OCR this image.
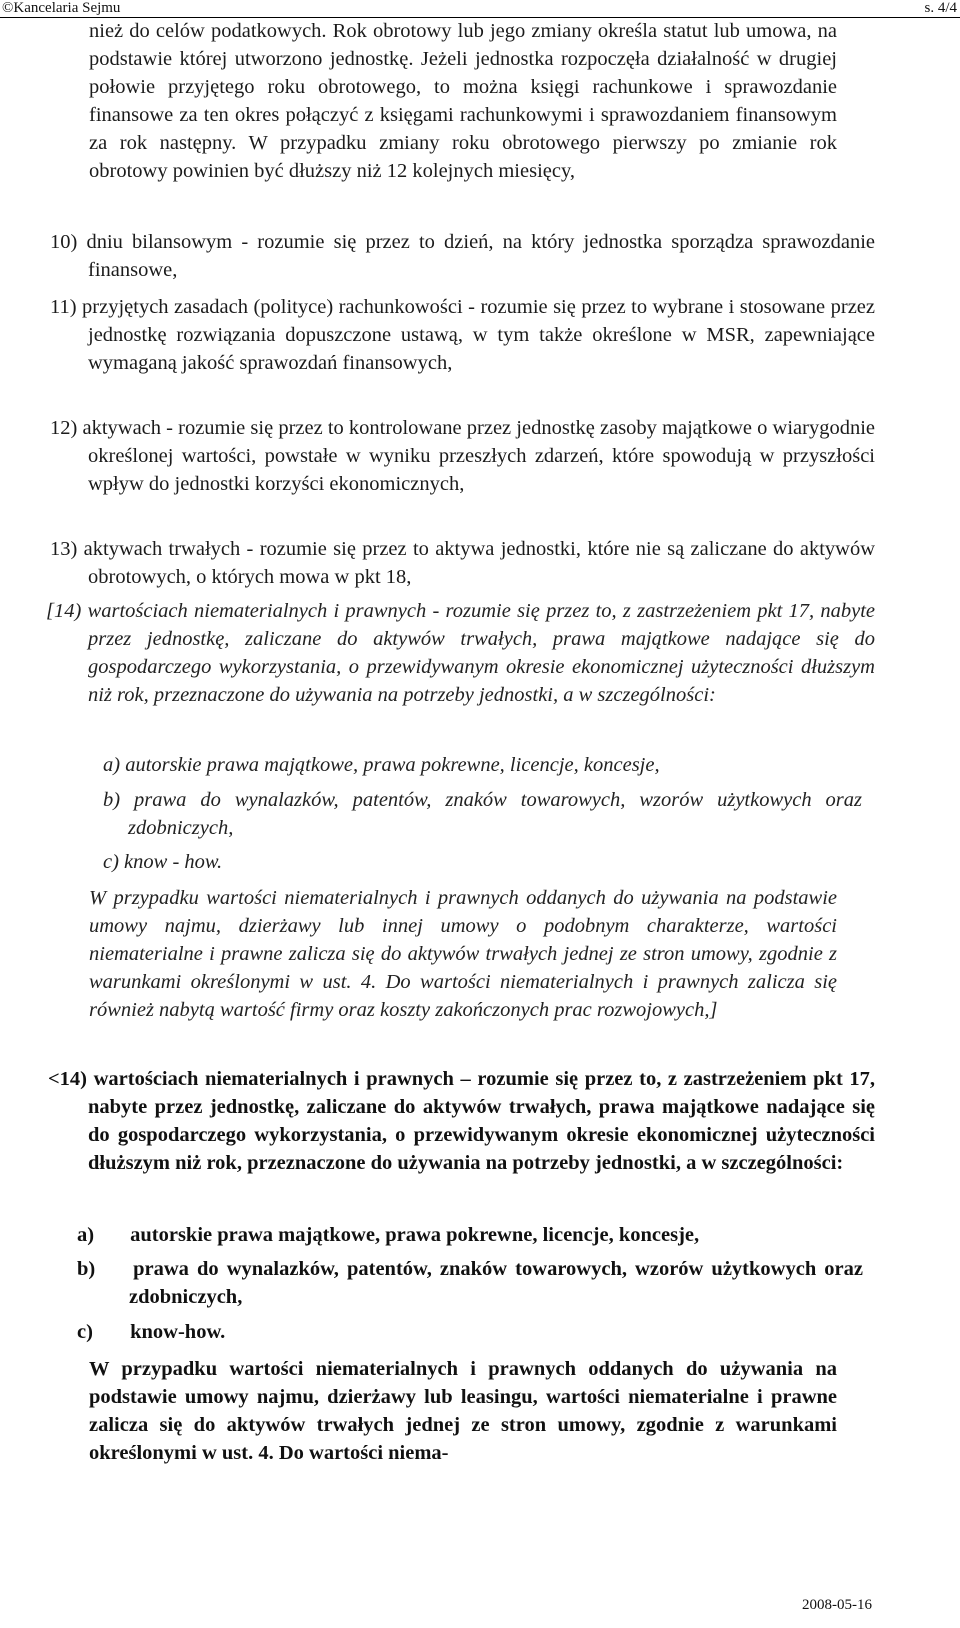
©Kancelaria Sejmu	s. 4/4

nież do celów podatkowych. Rok obrotowy lub jego zmiany określa statut lub umowa, na podstawie której utworzono jednostkę. Jeżeli jednostka rozpoczęła działalność w drugiej połowie przyjętego roku obrotowego, to można księgi rachunkowe i sprawozdanie finansowe za ten okres połączyć z księgami rachunkowymi i sprawozdaniem finansowym za rok następny. W przypadku zmiany roku obrotowego pierwszy po zmianie rok obrotowy powinien być dłuższy niż 12 kolejnych miesięcy,

10) dniu bilansowym - rozumie się przez to dzień, na który jednostka sporządza sprawozdanie finansowe,

11) przyjętych zasadach (polityce) rachunkowości - rozumie się przez to wybrane i stosowane przez jednostkę rozwiązania dopuszczone ustawą, w tym także określone w MSR, zapewniające wymaganą jakość sprawozdań finansowych,

12) aktywach - rozumie się przez to kontrolowane przez jednostkę zasoby majątkowe o wiarygodnie określonej wartości, powstałe w wyniku przeszłych zdarzeń, które spowodują w przyszłości wpływ do jednostki korzyści ekonomicznych,

13) aktywach trwałych - rozumie się przez to aktywa jednostki, które nie są zaliczane do aktywów obrotowych, o których mowa w pkt 18,

[14) wartościach niematerialnych i prawnych - rozumie się przez to, z zastrzeżeniem pkt 17, nabyte przez jednostkę, zaliczane do aktywów trwałych, prawa majątkowe nadające się do gospodarczego wykorzystania, o przewidywanym okresie ekonomicznej użyteczności dłuższym niż rok, przeznaczone do używania na potrzeby jednostki, a w szczególności:

a) autorskie prawa majątkowe, prawa pokrewne, licencje, koncesje,

b) prawa do wynalazków, patentów, znaków towarowych, wzorów użytkowych oraz zdobniczych,

c) know - how.

W przypadku wartości niematerialnych i prawnych oddanych do używania na podstawie umowy najmu, dzierżawy lub innej umowy o podobnym charakterze, wartości niematerialne i prawne zalicza się do aktywów trwałych jednej ze stron umowy, zgodnie z warunkami określonymi w ust. 4. Do wartości niematerialnych i prawnych zalicza się również nabytą wartość firmy oraz koszty zakończonych prac rozwojowych,]

<14) wartościach niematerialnych i prawnych – rozumie się przez to, z zastrzeżeniem pkt 17, nabyte przez jednostkę, zaliczane do aktywów trwałych, prawa majątkowe nadające się do gospodarczego wykorzystania, o przewidywanym okresie ekonomicznej użyteczności dłuższym niż rok, przeznaczone do używania na potrzeby jednostki, a w szczególności:

a) autorskie prawa majątkowe, prawa pokrewne, licencje, koncesje,

b) prawa do wynalazków, patentów, znaków towarowych, wzorów użytkowych oraz zdobniczych,

c) know-how.

W przypadku wartości niematerialnych i prawnych oddanych do używania na podstawie umowy najmu, dzierżawy lub leasingu, wartości niematerialne i prawne zalicza się do aktywów trwałych jednej ze stron umowy, zgodnie z warunkami określonymi w ust. 4. Do wartości niema-

2008-05-16
